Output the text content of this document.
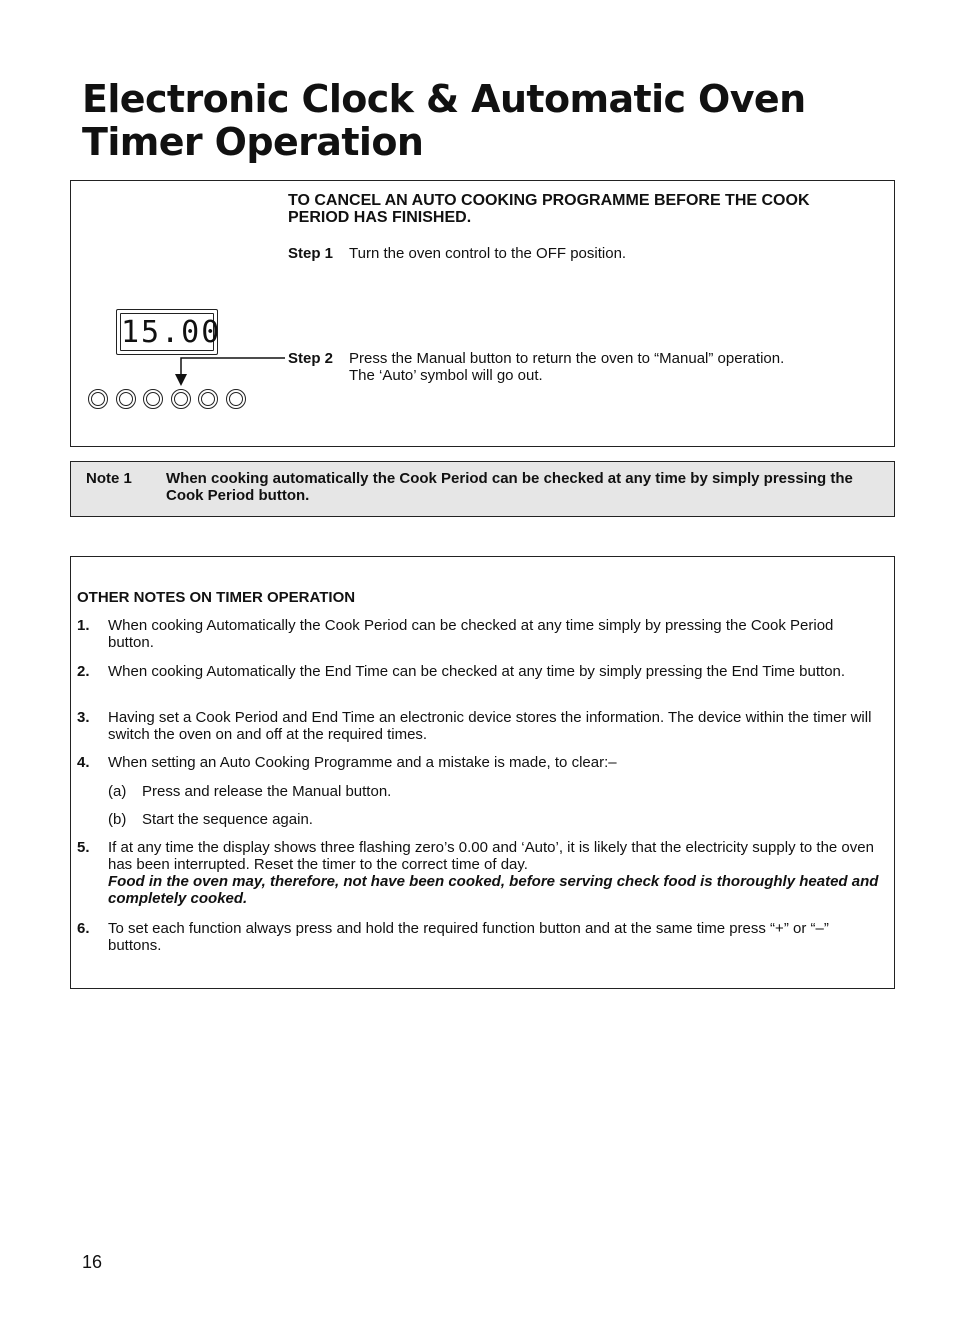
Electronic Clock & Automatic Oven Timer Operation
TO CANCEL AN AUTO COOKING PROGRAMME BEFORE THE COOK PERIOD HAS FINISHED.
Step 1 Turn the oven control to the OFF position.
Step 2 Press the Manual button to return the oven to “Manual” operation.
The ‘Auto’ symbol will go out.
15.00
Note 1 When cooking automatically the Cook Period can be checked at any time by simply pressing the Cook Period button.
OTHER NOTES ON TIMER OPERATION
1. When cooking Automatically the Cook Period can be checked at any time simply by pressing the Cook Period button.
2. When cooking Automatically the End Time can be checked at any time by simply pressing the End Time button.
3. Having set a Cook Period and End Time an electronic device stores the information. The device within the timer will switch the oven on and off at the required times.
4. When setting an Auto Cooking Programme and a mistake is made, to clear:–
(a) Press and release the Manual button.
(b) Start the sequence again.
5. If at any time the display shows three flashing zero’s 0.00 and ‘Auto’, it is likely that the electricity supply to the oven has been interrupted. Reset the timer to the correct time of day.
Food in the oven may, therefore, not have been cooked, before serving check food is thoroughly heated and completely cooked.
6. To set each function always press and hold the required function button and at the same time press “+” or “–” buttons.
16
